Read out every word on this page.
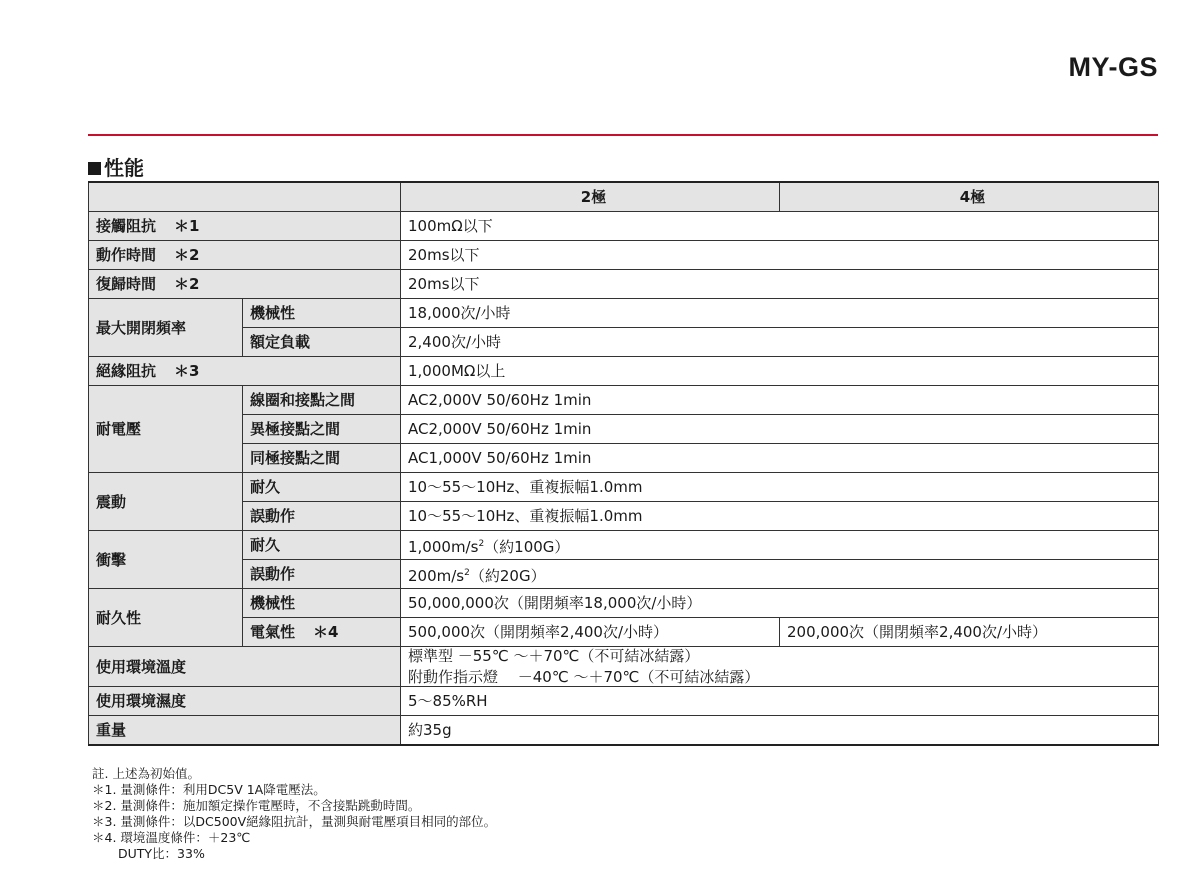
MY-GS
性能
		2極	4極
接觸阻抗 ＊1		100mΩ以下	
動作時間 ＊2		20ms以下	
復歸時間 ＊2		20ms以下	
最大開閉頻率	機械性	18,000次/小時	
	額定負載	2,400次/小時	
絕緣阻抗 ＊3		1,000MΩ以上	
耐電壓	線圈和接點之間	AC2,000V 50/60Hz 1min	
	異極接點之間	AC2,000V 50/60Hz 1min	
	同極接點之間	AC1,000V 50/60Hz 1min	
震動	耐久	10～55～10Hz、重複振幅1.0mm	
	誤動作	10～55～10Hz、重複振幅1.0mm	
衝擊	耐久	$1,000m/s^2$（約100G）	
	誤動作	$200m/s^2$（約20G）	
耐久性	機械性	50,000,000次（開閉頻率18,000次/小時）	
	電氣性 ＊4	500,000次（開閉頻率2,400次/小時）	200,000次（開閉頻率2,400次/小時）
使用環境溫度		標準型 －55℃ ～＋70℃（不可結冰結露）
附動作指示燈 　－40℃ ～＋70℃（不可結冰結露）	

使用環境濕度		5～85%RH	
重量		約35g	
註. 上述為初始值。
＊1. 量測條件：利用DC5V 1A降電壓法。
＊2. 量測條件：施加額定操作電壓時，不含接點跳動時間。
＊3. 量測條件：以DC500V絕緣阻抗計，量測與耐電壓項目相同的部位。
＊4. 環境溫度條件：＋23℃
DUTY比：33%
